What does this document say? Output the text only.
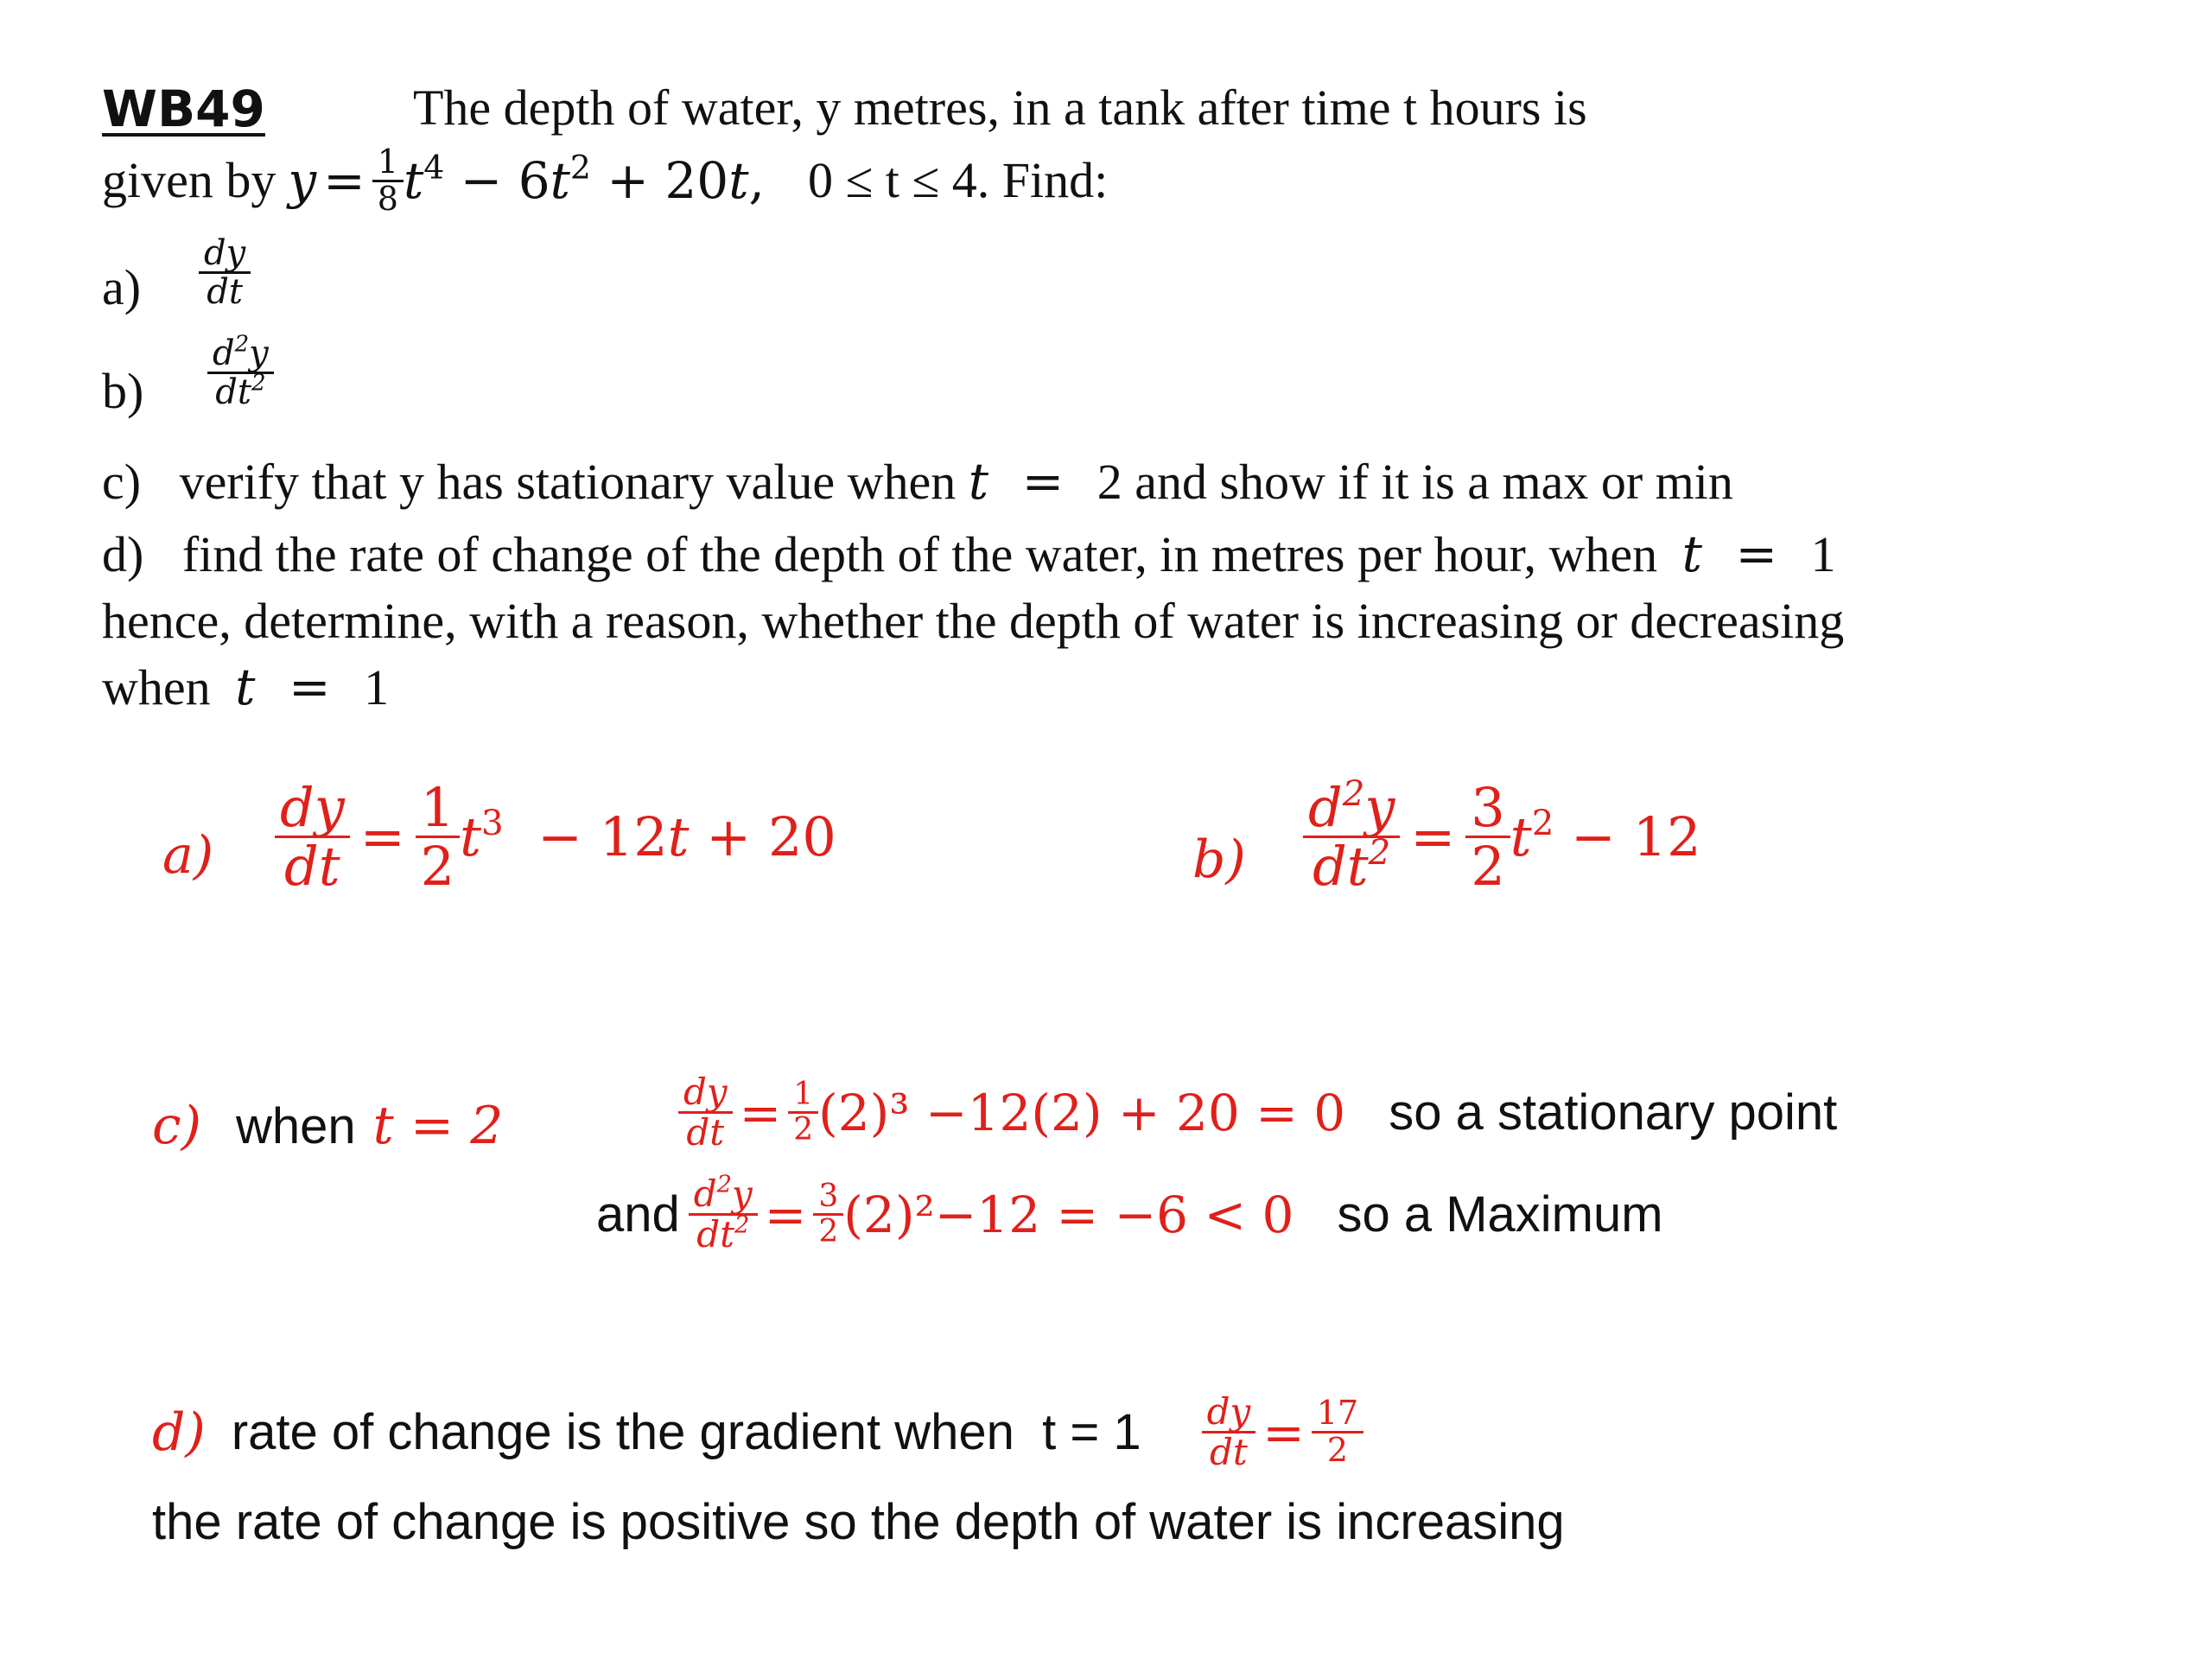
WB49	The depth of water, y metres, in a tank after time t hours is
given by $y = \frac{1}{8} t^4 - 6t^2 + 20t$, 0 ≤ t ≤ 4. Find:
$a) \frac{dy}{dt}$
$b) \frac{d^2y}{dt^2}$
c) verify that y has stationary value when t = 2 and show if it is a max or min
d) find the rate of change of the depth of the water, in metres per hour, when t = 1
hence, determine, with a reason, whether the depth of water is increasing or decreasing
when t = 1
$a) \frac{dy}{dt} = \frac{1}{2} t^3 - 12t + 20$	$b) \frac{d^2y}{dt^2} = \frac{3}{2} t^2 - 12$
c) when t = 2	$\frac{dy}{dt} = \frac{1}{2} (2)^3 -12(2) + 20 = 0$ so a stationary point
and $\frac{d^2y}{dt^2} = \frac{3}{2} (2)^2-12 = -6 < 0$ so a Maximum
d) rate of change is the gradient when  $t = 1 \frac{dy}{dt} = \frac{17}{2}$
the rate of change is positive so the depth of water is increasing
